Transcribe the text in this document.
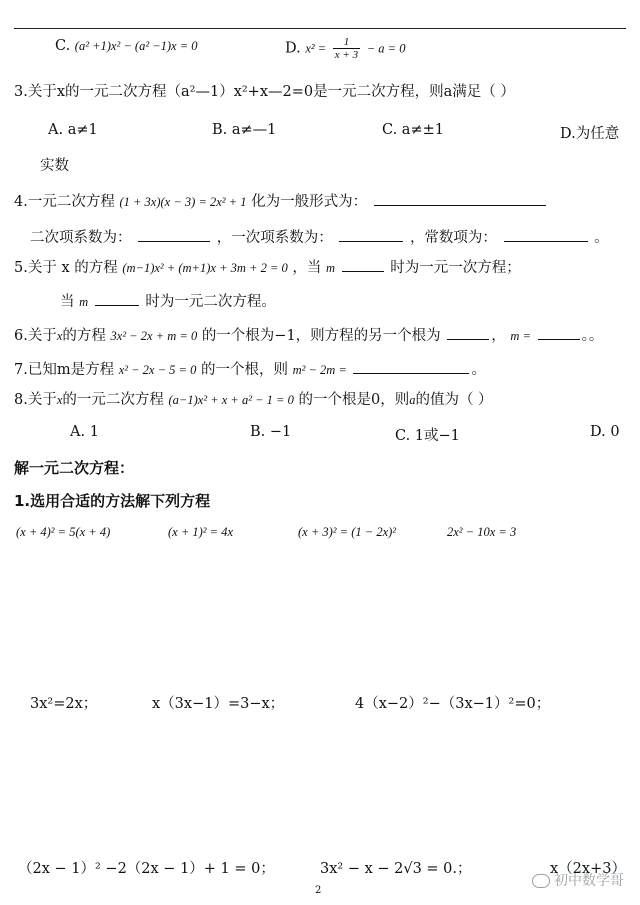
C. (a² +1)x² − (a² −1)x = 0	D. $x^2 = \frac{1}{x + 3} - a = 0$
3.关于x的一元二次方程（a²—1）x²+x—2=0是一元二次方程，则a满足（ ）
A. a≠1	B. a≠—1	C. a≠±1	D.为任意
实数
4.一元二次方程 (1 + 3x)(x − 3) = 2x² + 1 化为一般形式为：
二次项系数为：	，一次项系数为：	，常数项为：	。
5.关于 x 的方程 (m−1)x² + (m+1)x + 3m + 2 = 0 ，当 m	时为一元一次方程；
当 m	时为一元二次方程。
6.关于x的方程 3x² − 2x + m = 0 的一个根为−1，则方程的另一个根为	， m =	。。
7.已知m是方程 x² − 2x − 5 = 0 的一个根，则 m² − 2m =	。
8.关于x的一元二次方程 (a−1)x² + x + a² − 1 = 0 的一个根是0，则a的值为（ ）
A. 1	B. −1	C. 1或−1	D. 0
解一元二次方程：
1.选用合适的方法解下列方程
(x + 4)² = 5(x + 4)	(x + 1)² = 4x	(x + 3)² = (1 − 2x)²	2x² − 10x = 3
3x²=2x；	x（3x−1）=3−x；	4（x−2）²−（3x−1）²=0；
（2x − 1）² −2（2x − 1）+ 1 = 0；	3x² − x − 2√3 = 0.；	x（2x+3）
初中数学哥
2
